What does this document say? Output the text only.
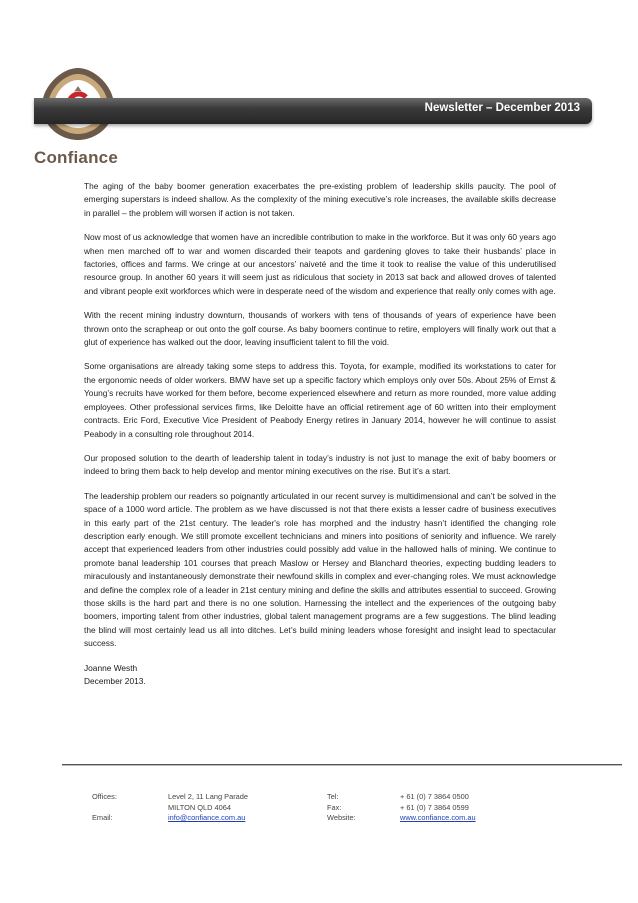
Confiance
Newsletter – December 2013

The aging of the baby boomer generation exacerbates the pre-existing problem of leadership skills paucity. The pool of emerging superstars is indeed shallow. As the complexity of the mining executive’s role increases, the available skills decrease in parallel – the problem will worsen if action is not taken.

Now most of us acknowledge that women have an incredible contribution to make in the workforce. But it was only 60 years ago when men marched off to war and women discarded their teapots and gardening gloves to take their husbands’ place in factories, offices and farms. We cringe at our ancestors’ naiveté and the time it took to realise the value of this underutilised resource group. In another 60 years it will seem just as ridiculous that society in 2013 sat back and allowed droves of talented and vibrant people exit workforces which were in desperate need of the wisdom and experience that really only comes with age.

With the recent mining industry downturn, thousands of workers with tens of thousands of years of experience have been thrown onto the scrapheap or out onto the golf course. As baby boomers continue to retire, employers will finally work out that a glut of experience has walked out the door, leaving insufficient talent to fill the void.

Some organisations are already taking some steps to address this. Toyota, for example, modified its workstations to cater for the ergonomic needs of older workers. BMW have set up a specific factory which employs only over 50s. About 25% of Ernst & Young’s recruits have worked for them before, become experienced elsewhere and return as more rounded, more value adding employees. Other professional services firms, like Deloitte have an official retirement age of 60 written into their employment contracts. Eric Ford, Executive Vice President of Peabody Energy retires in January 2014, however he will continue to assist Peabody in a consulting role throughout 2014.

Our proposed solution to the dearth of leadership talent in today’s industry is not just to manage the exit of baby boomers or indeed to bring them back to help develop and mentor mining executives on the rise. But it’s a start.

The leadership problem our readers so poignantly articulated in our recent survey is multidimensional and can’t be solved in the space of a 1000 word article. The problem as we have discussed is not that there exists a lesser cadre of business executives in this early part of the 21st century. The leader's role has morphed and the industry hasn’t identified the changing role description early enough. We still promote excellent technicians and miners into positions of seniority and influence. We rarely accept that experienced leaders from other industries could possibly add value in the hallowed halls of mining. We continue to promote banal leadership 101 courses that preach Maslow or Hersey and Blanchard theories, expecting budding leaders to miraculously and instantaneously demonstrate their newfound skills in complex and ever-changing roles. We must acknowledge and define the complex role of a leader in 21st century mining and define the skills and attributes essential to succeed. Growing those skills is the hard part and there is no one solution. Harnessing the intellect and the experiences of the outgoing baby boomers, importing talent from other industries, global talent management programs are a few suggestions. The blind leading the blind will most certainly lead us all into ditches. Let’s build mining leaders whose foresight and insight lead to spectacular success.

Joanne Westh
December 2013.
Offices:
Email:
Level 2, 11 Lang Parade
MILTON QLD 4064
info@confiance.com.au
Tel:
Fax:
Website:
+ 61 (0) 7 3864 0500
+ 61 (0) 7 3864 0599
www.confiance.com.au
